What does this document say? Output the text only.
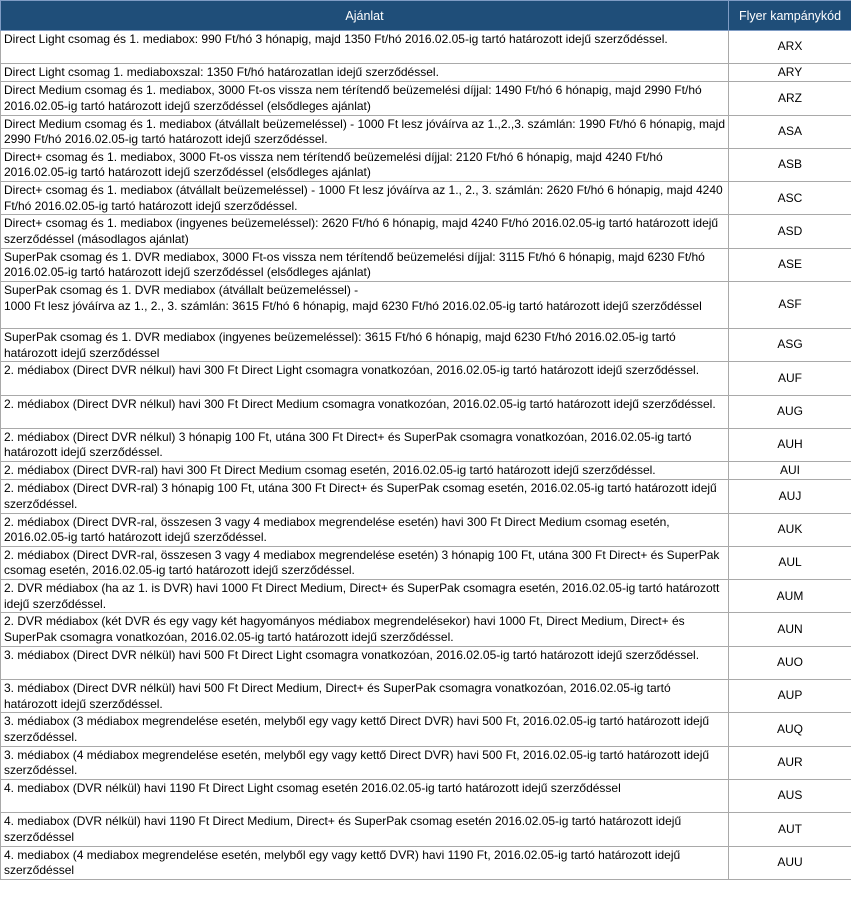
Ajánlat	Flyer kampánykód
Direct Light csomag és 1. mediabox: 990 Ft/hó 3 hónapig, majd 1350 Ft/hó 2016.02.05-ig tartó határozott idejű szerződéssel.	ARX
Direct Light csomag 1. mediaboxszal: 1350 Ft/hó határozatlan idejű szerződéssel.	ARY
Direct Medium csomag és 1. mediabox, 3000 Ft-os vissza nem térítendő beüzemelési díjjal: 1490 Ft/hó 6 hónapig, majd 2990 Ft/hó 2016.02.05-ig tartó határozott idejű szerződéssel (elsődleges ajánlat)	ARZ
Direct Medium csomag és 1. mediabox (átvállalt beüzemeléssel) - 1000 Ft lesz jóváírva az 1.,2.,3. számlán: 1990 Ft/hó 6 hónapig, majd 2990 Ft/hó 2016.02.05-ig tartó határozott idejű szerződéssel.	ASA
Direct+ csomag és 1. mediabox, 3000 Ft-os vissza nem térítendő beüzemelési díjjal: 2120 Ft/hó 6 hónapig, majd 4240 Ft/hó 2016.02.05-ig tartó határozott idejű szerződéssel (elsődleges ajánlat)	ASB
Direct+ csomag és 1. mediabox (átvállalt beüzemeléssel) - 1000 Ft lesz jóváírva az 1., 2., 3. számlán: 2620 Ft/hó 6 hónapig, majd 4240 Ft/hó 2016.02.05-ig tartó határozott idejű szerződéssel.	ASC
Direct+ csomag és 1. mediabox (ingyenes beüzemeléssel): 2620 Ft/hó 6 hónapig, majd 4240 Ft/hó 2016.02.05-ig tartó határozott idejű szerződéssel (másodlagos ajánlat)	ASD
SuperPak csomag és 1. DVR mediabox, 3000 Ft-os vissza nem térítendő beüzemelési díjjal: 3115 Ft/hó 6 hónapig, majd 6230 Ft/hó 2016.02.05-ig tartó határozott idejű szerződéssel (elsődleges ajánlat)	ASE
SuperPak csomag és 1. DVR mediabox (átvállalt beüzemeléssel) -
1000 Ft lesz jóváírva az 1., 2., 3. számlán: 3615 Ft/hó 6 hónapig, majd 6230 Ft/hó 2016.02.05-ig tartó határozott idejű szerződéssel	ASF
SuperPak csomag és 1. DVR mediabox (ingyenes beüzemeléssel): 3615 Ft/hó 6 hónapig, majd 6230 Ft/hó 2016.02.05-ig tartó határozott idejű szerződéssel	ASG
2. médiabox (Direct DVR nélkul) havi 300 Ft Direct Light csomagra vonatkozóan, 2016.02.05-ig tartó határozott idejű szerződéssel.	AUF
2. médiabox (Direct DVR nélkul) havi 300 Ft Direct Medium csomagra vonatkozóan, 2016.02.05-ig tartó határozott idejű szerződéssel.	AUG
2. médiabox (Direct DVR nélkul) 3 hónapig 100 Ft, utána 300 Ft Direct+ és SuperPak csomagra vonatkozóan, 2016.02.05-ig tartó határozott idejű szerződéssel.	AUH
2. médiabox (Direct DVR-ral) havi 300 Ft Direct Medium csomag esetén, 2016.02.05-ig tartó határozott idejű szerződéssel.	AUI
2. médiabox (Direct DVR-ral) 3 hónapig 100 Ft, utána 300 Ft Direct+ és SuperPak csomag esetén, 2016.02.05-ig tartó határozott idejű szerződéssel.	AUJ
2. médiabox (Direct DVR-ral, összesen 3 vagy 4 mediabox megrendelése esetén) havi 300 Ft Direct Medium csomag esetén, 2016.02.05-ig tartó határozott idejű szerződéssel.	AUK
2. médiabox (Direct DVR-ral, összesen 3 vagy 4 mediabox megrendelése esetén) 3 hónapig 100 Ft, utána 300 Ft Direct+ és SuperPak csomag esetén, 2016.02.05-ig tartó határozott idejű szerződéssel.	AUL
2. DVR médiabox (ha az 1. is DVR) havi 1000 Ft Direct Medium, Direct+ és SuperPak csomagra esetén, 2016.02.05-ig tartó határozott idejű szerződéssel.	AUM
2. DVR médiabox (két DVR és egy vagy két hagyományos médiabox megrendelésekor) havi 1000 Ft, Direct Medium, Direct+ és SuperPak csomagra vonatkozóan, 2016.02.05-ig tartó határozott idejű szerződéssel.	AUN
3. médiabox (Direct DVR nélkül) havi 500 Ft Direct Light csomagra vonatkozóan, 2016.02.05-ig tartó határozott idejű szerződéssel.	AUO
3. médiabox (Direct DVR nélkül) havi 500 Ft Direct Medium, Direct+ és SuperPak csomagra vonatkozóan, 2016.02.05-ig tartó határozott idejű szerződéssel.	AUP
3. médiabox (3 médiabox megrendelése esetén, melyből egy vagy kettő Direct DVR) havi 500 Ft, 2016.02.05-ig tartó határozott idejű szerződéssel.	AUQ
3. médiabox (4 médiabox megrendelése esetén, melyből egy vagy kettő Direct DVR) havi 500 Ft, 2016.02.05-ig tartó határozott idejű szerződéssel.	AUR
4. mediabox (DVR nélkül) havi 1190 Ft Direct Light csomag esetén 2016.02.05-ig tartó határozott idejű szerződéssel	AUS
4. mediabox (DVR nélkül) havi 1190 Ft Direct Medium, Direct+ és SuperPak csomag esetén 2016.02.05-ig tartó határozott idejű szerződéssel	AUT
4. mediabox (4 mediabox megrendelése esetén, melyből egy vagy kettő DVR) havi 1190 Ft, 2016.02.05-ig tartó határozott idejű szerződéssel	AUU
